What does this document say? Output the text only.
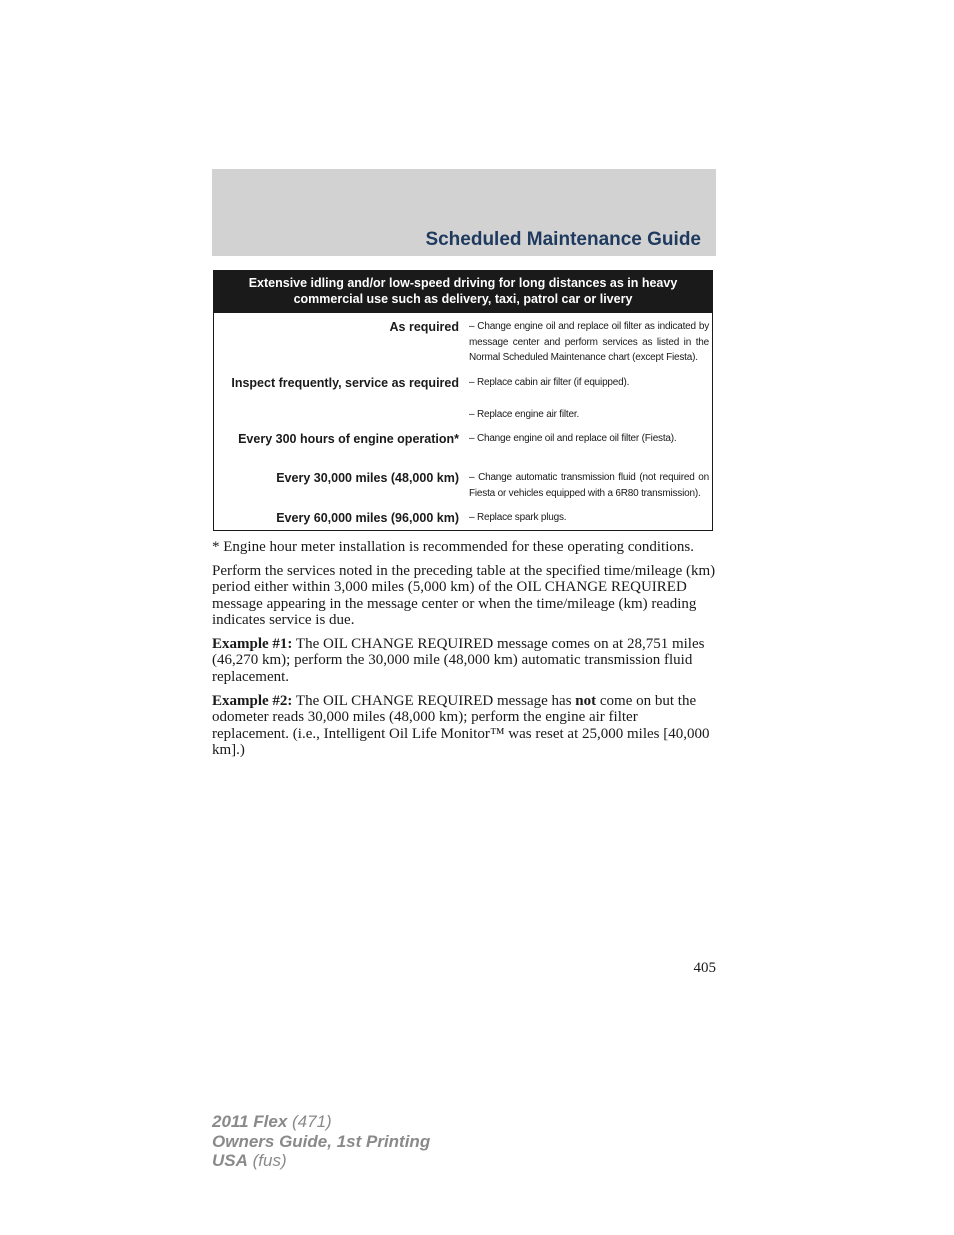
Scheduled Maintenance Guide
Extensive idling and/or low-speed driving for long distances as in heavy commercial use such as delivery, taxi, patrol car or livery
As required – Change engine oil and replace oil filter as indicated by message center and perform services as listed in the Normal Scheduled Maintenance chart (except Fiesta).

Inspect frequently, service as required – Replace cabin air filter (if equipped).

– Replace engine air filter.

Every 300 hours of engine operation* – Change engine oil and replace oil filter (Fiesta).

Every 30,000 miles (48,000 km) – Change automatic transmission fluid (not required on Fiesta or vehicles equipped with a 6R80 transmission).

Every 60,000 miles (96,000 km) – Replace spark plugs.

* Engine hour meter installation is recommended for these operating conditions.

Perform the services noted in the preceding table at the specified time/mileage (km) period either within 3,000 miles (5,000 km) of the OIL CHANGE REQUIRED message appearing in the message center or when the time/mileage (km) reading indicates service is due.

Example #1: The OIL CHANGE REQUIRED message comes on at 28,751 miles (46,270 km); perform the 30,000 mile (48,000 km) automatic transmission fluid replacement.

Example #2: The OIL CHANGE REQUIRED message has not come on but the odometer reads 30,000 miles (48,000 km); perform the engine air filter replacement. (i.e., Intelligent Oil Life Monitor™ was reset at 25,000 miles [40,000 km].)

405
2011 Flex (471)
Owners Guide, 1st Printing
USA (fus)
